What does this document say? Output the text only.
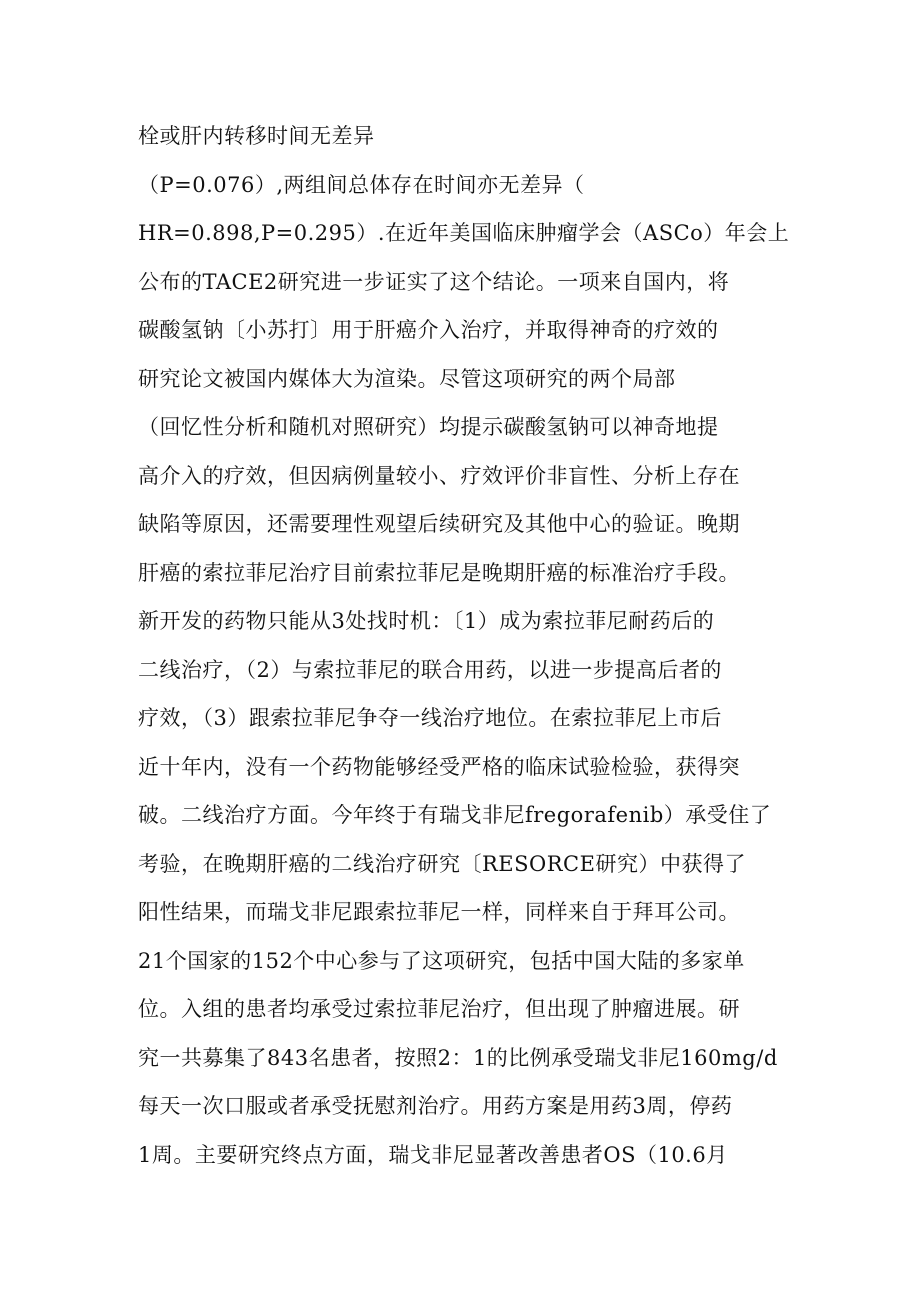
栓或肝内转移时间无差异
（P=0.076）,两组间总体存在时间亦无差异（
HR=0.898,P=0.295）.在近年美国临床肿瘤学会（ASCo）年会上
公布的TACE2研究进一步证实了这个结论。一项来自国内，将
碳酸氢钠〔小苏打〕用于肝癌介入治疗，并取得神奇的疗效的
研究论文被国内媒体大为渲染。尽管这项研究的两个局部
（回忆性分析和随机对照研究）均提示碳酸氢钠可以神奇地提
高介入的疗效，但因病例量较小、疗效评价非盲性、分析上存在
缺陷等原因，还需要理性观望后续研究及其他中心的验证。晚期
肝癌的索拉菲尼治疗目前索拉菲尼是晚期肝癌的标准治疗手段。
新开发的药物只能从3处找时机：〔1）成为索拉菲尼耐药后的
二线治疗，（2）与索拉菲尼的联合用药，以进一步提高后者的
疗效，（3）跟索拉菲尼争夺一线治疗地位。在索拉菲尼上市后
近十年内，没有一个药物能够经受严格的临床试验检验，获得突
破。二线治疗方面。今年终于有瑞戈非尼fregorafenib）承受住了
考验，在晚期肝癌的二线治疗研究〔RESORCE研究）中获得了
阳性结果，而瑞戈非尼跟索拉菲尼一样，同样来自于拜耳公司。
21个国家的152个中心参与了这项研究，包括中国大陆的多家单
位。入组的患者均承受过索拉菲尼治疗，但出现了肿瘤进展。研
究一共募集了843名患者，按照2：1的比例承受瑞戈非尼160mg/d
每天一次口服或者承受抚慰剂治疗。用药方案是用药3周，停药
1周。主要研究终点方面，瑞戈非尼显著改善患者OS（10.6月
